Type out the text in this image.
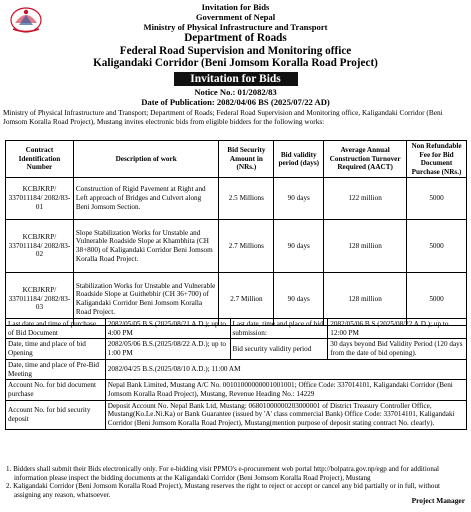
Invitation for Bids
Government of Nepal
Ministry of Physical Infrastructure and Transport
Department of Roads
Federal Road Supervision and Monitoring office
Kaligandaki Corridor (Beni Jomsom Koralla Road Project)
Invitation for Bids
Notice No.: 01/2082/83
Date of Publication: 2082/04/06 BS (2025/07/22 AD)
Ministry of Physical Infrastructure and Transport; Department of Roads; Federal Road Supervision and Monitoring office, Kaligandaki Corridor (Beni Jomsom Koralla Road Project), Mustang invites electronic bids from eligible bidders for the following works:
Contract Identification Number	Description of work	Bid Security Amount in (NRs.)	Bid validity period (days)	Average Annual Construction Turnover Required (AACT)	Non Refundable Fee for Bid Document Purchase (NRs.)
KCBJKRP/ 337011184/ 2082/83-01	Construction of Rigid Pavement at Right and Left approach of Bridges and Culvert along Beni Jomsom Section.	2.5 Millions	90 days	122 million	5000
KCBJKRP/ 337011184/ 2082/83-02	Slope Stabilization Works for Unstable and Vulnerable Roadside Slope at Khambhita (CH 38+800) of Kaligandaki Corridor Beni Jomsom Koralla Road Project.	2.7 Millions	90 days	128 million	5000
KCBJKRP/ 337011184/ 2082/83-03	Stabilization Works for Unstable and Vulnerable Roadside Slope at Guithebhir (CH 36+700) of Kaligandaki Corridor Beni Jomsom Koralla Road Project.	2.7 Million	90 days	128 million	5000
Last date and time of purchase of Bid Document	2082/05/05 B.S.(2025/08/21 A.D.); up to 4:00 PM	Last date, time and place of bid submission:	2082/05/06 B.S.(2025/08/22 A.D.); up to 12:00 PM
Date, time and place of bid Opening	2082/05/06 B.S.(2025/08/22 A.D.); up to 1:00 PM	Bid security validity period	30 days beyond Bid Validity Period (120 days from the date of bid opening).
Date, time and place of Pre-Bid Meeting	2082/04/25 B.S.(2025/08/10 A.D.); 11:00 AM		
Account No. for bid document purchase	Nepal Bank Limited, Mustang A/C No. 00101000000001001001; Office Code: 337014101, Kaligandaki Corridor (Beni Jomsom Koralla Road Project), Mustang, Revenue Heading No.: 14229		
Account No. for bid security deposit	Deposit Account No. Nepal Bank Ltd, Mustang: 06801000000203000001 of District Treasury Controller Office, Mustang(Ko.Le.Ni.Ka) or Bank Guarantee (issued by 'A' class commercial Bank) Office Code: 337014101, Kaligandaki Corridor (Beni Jomsom Koralla Road Project), Mustang(mention purpose of deposit stating contract No. clearly).		
1. Bidders shall submit their Bids electronically only. For e-bidding visit PPMO's e-procurement web portal http://bolpatra.gov.np/egp and for additional information please inspect the bidding documents at the Kaligandaki Corridor (Beni Jomsom Koralla Road Project), Mustang
2. Kaligandaki Corridor (Beni Jomsom Koralla Road Project), Mustang reserves the right to reject or accept or cancel any bid partially or in full, without assigning any reason, whatsoever.
Project Manager
